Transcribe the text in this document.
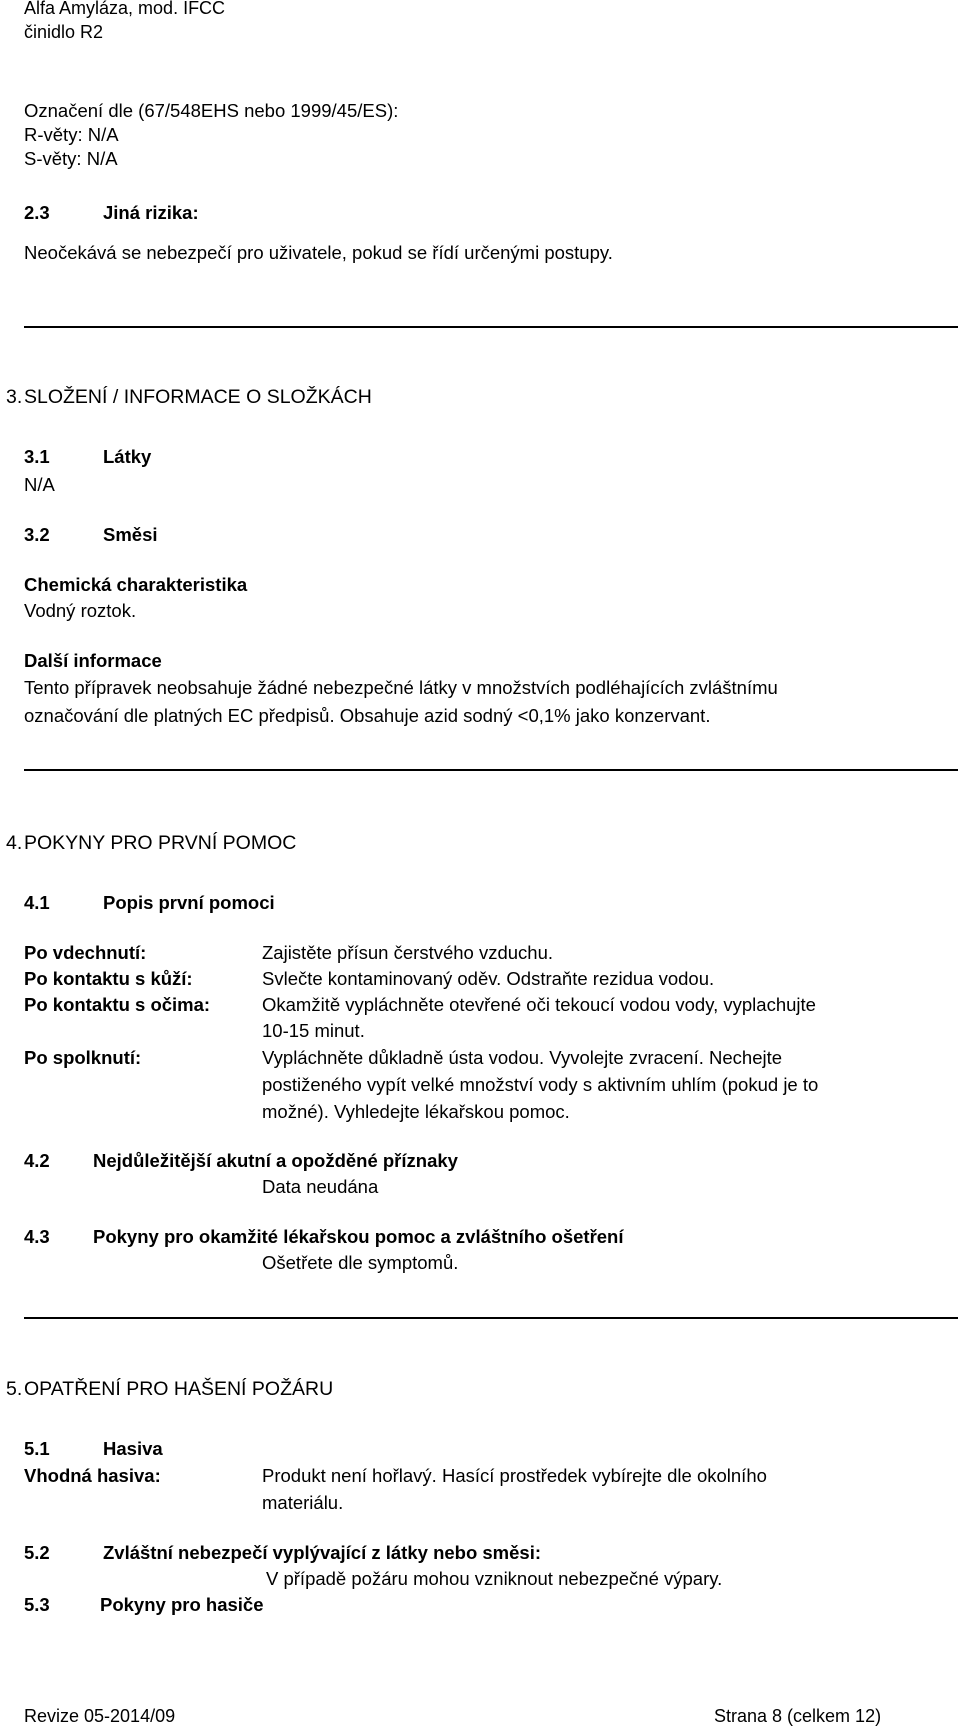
Alfa Amyláza, mod. IFCC
činidlo R2
Označení dle (67/548EHS nebo 1999/45/ES):
R-věty: N/A
S-věty: N/A
2.3	Jiná rizika:
Neočekává se nebezpečí pro uživatele, pokud se řídí určenými postupy.
3. SLOŽENÍ / INFORMACE O SLOŽKÁCH
3.1	Látky
N/A
3.2	Směsi
Chemická charakteristika
Vodný roztok.
Další informace
Tento přípravek neobsahuje žádné nebezpečné látky v množstvích podléhajících zvláštnímu
označování dle platných EC předpisů. Obsahuje azid sodný <0,1% jako konzervant.
4. POKYNY PRO PRVNÍ POMOC
4.1	Popis první pomoci
Po vdechnutí:	Zajistěte přísun čerstvého vzduchu.
Po kontaktu s kůží:	Svlečte kontaminovaný oděv. Odstraňte rezidua vodou.
Po kontaktu s očima:	Okamžitě vypláchněte otevřené oči tekoucí vodou vody, vyplachujte
10-15 minut.
Po spolknutí:	Vypláchněte důkladně ústa vodou. Vyvolejte zvracení. Nechejte
postiženého vypít velké množství vody s aktivním uhlím (pokud je to
možné). Vyhledejte lékařskou pomoc.
4.2 Nejdůležitější akutní a opožděné příznaky
Data neudána
4.3 Pokyny pro okamžité lékařskou pomoc a zvláštního ošetření
Ošetřete dle symptomů.
5. OPATŘENÍ PRO HAŠENÍ POŽÁRU
5.1	Hasiva
Vhodná hasiva:	Produkt není hořlavý. Hasící prostředek vybírejte dle okolního
materiálu.
5.2	Zvláštní nebezpečí vyplývající z látky nebo směsi:
V případě požáru mohou vzniknout nebezpečné výpary.
5.3	Pokyny pro hasiče
Revize 05-2014/09	Strana 8 (celkem 12)
